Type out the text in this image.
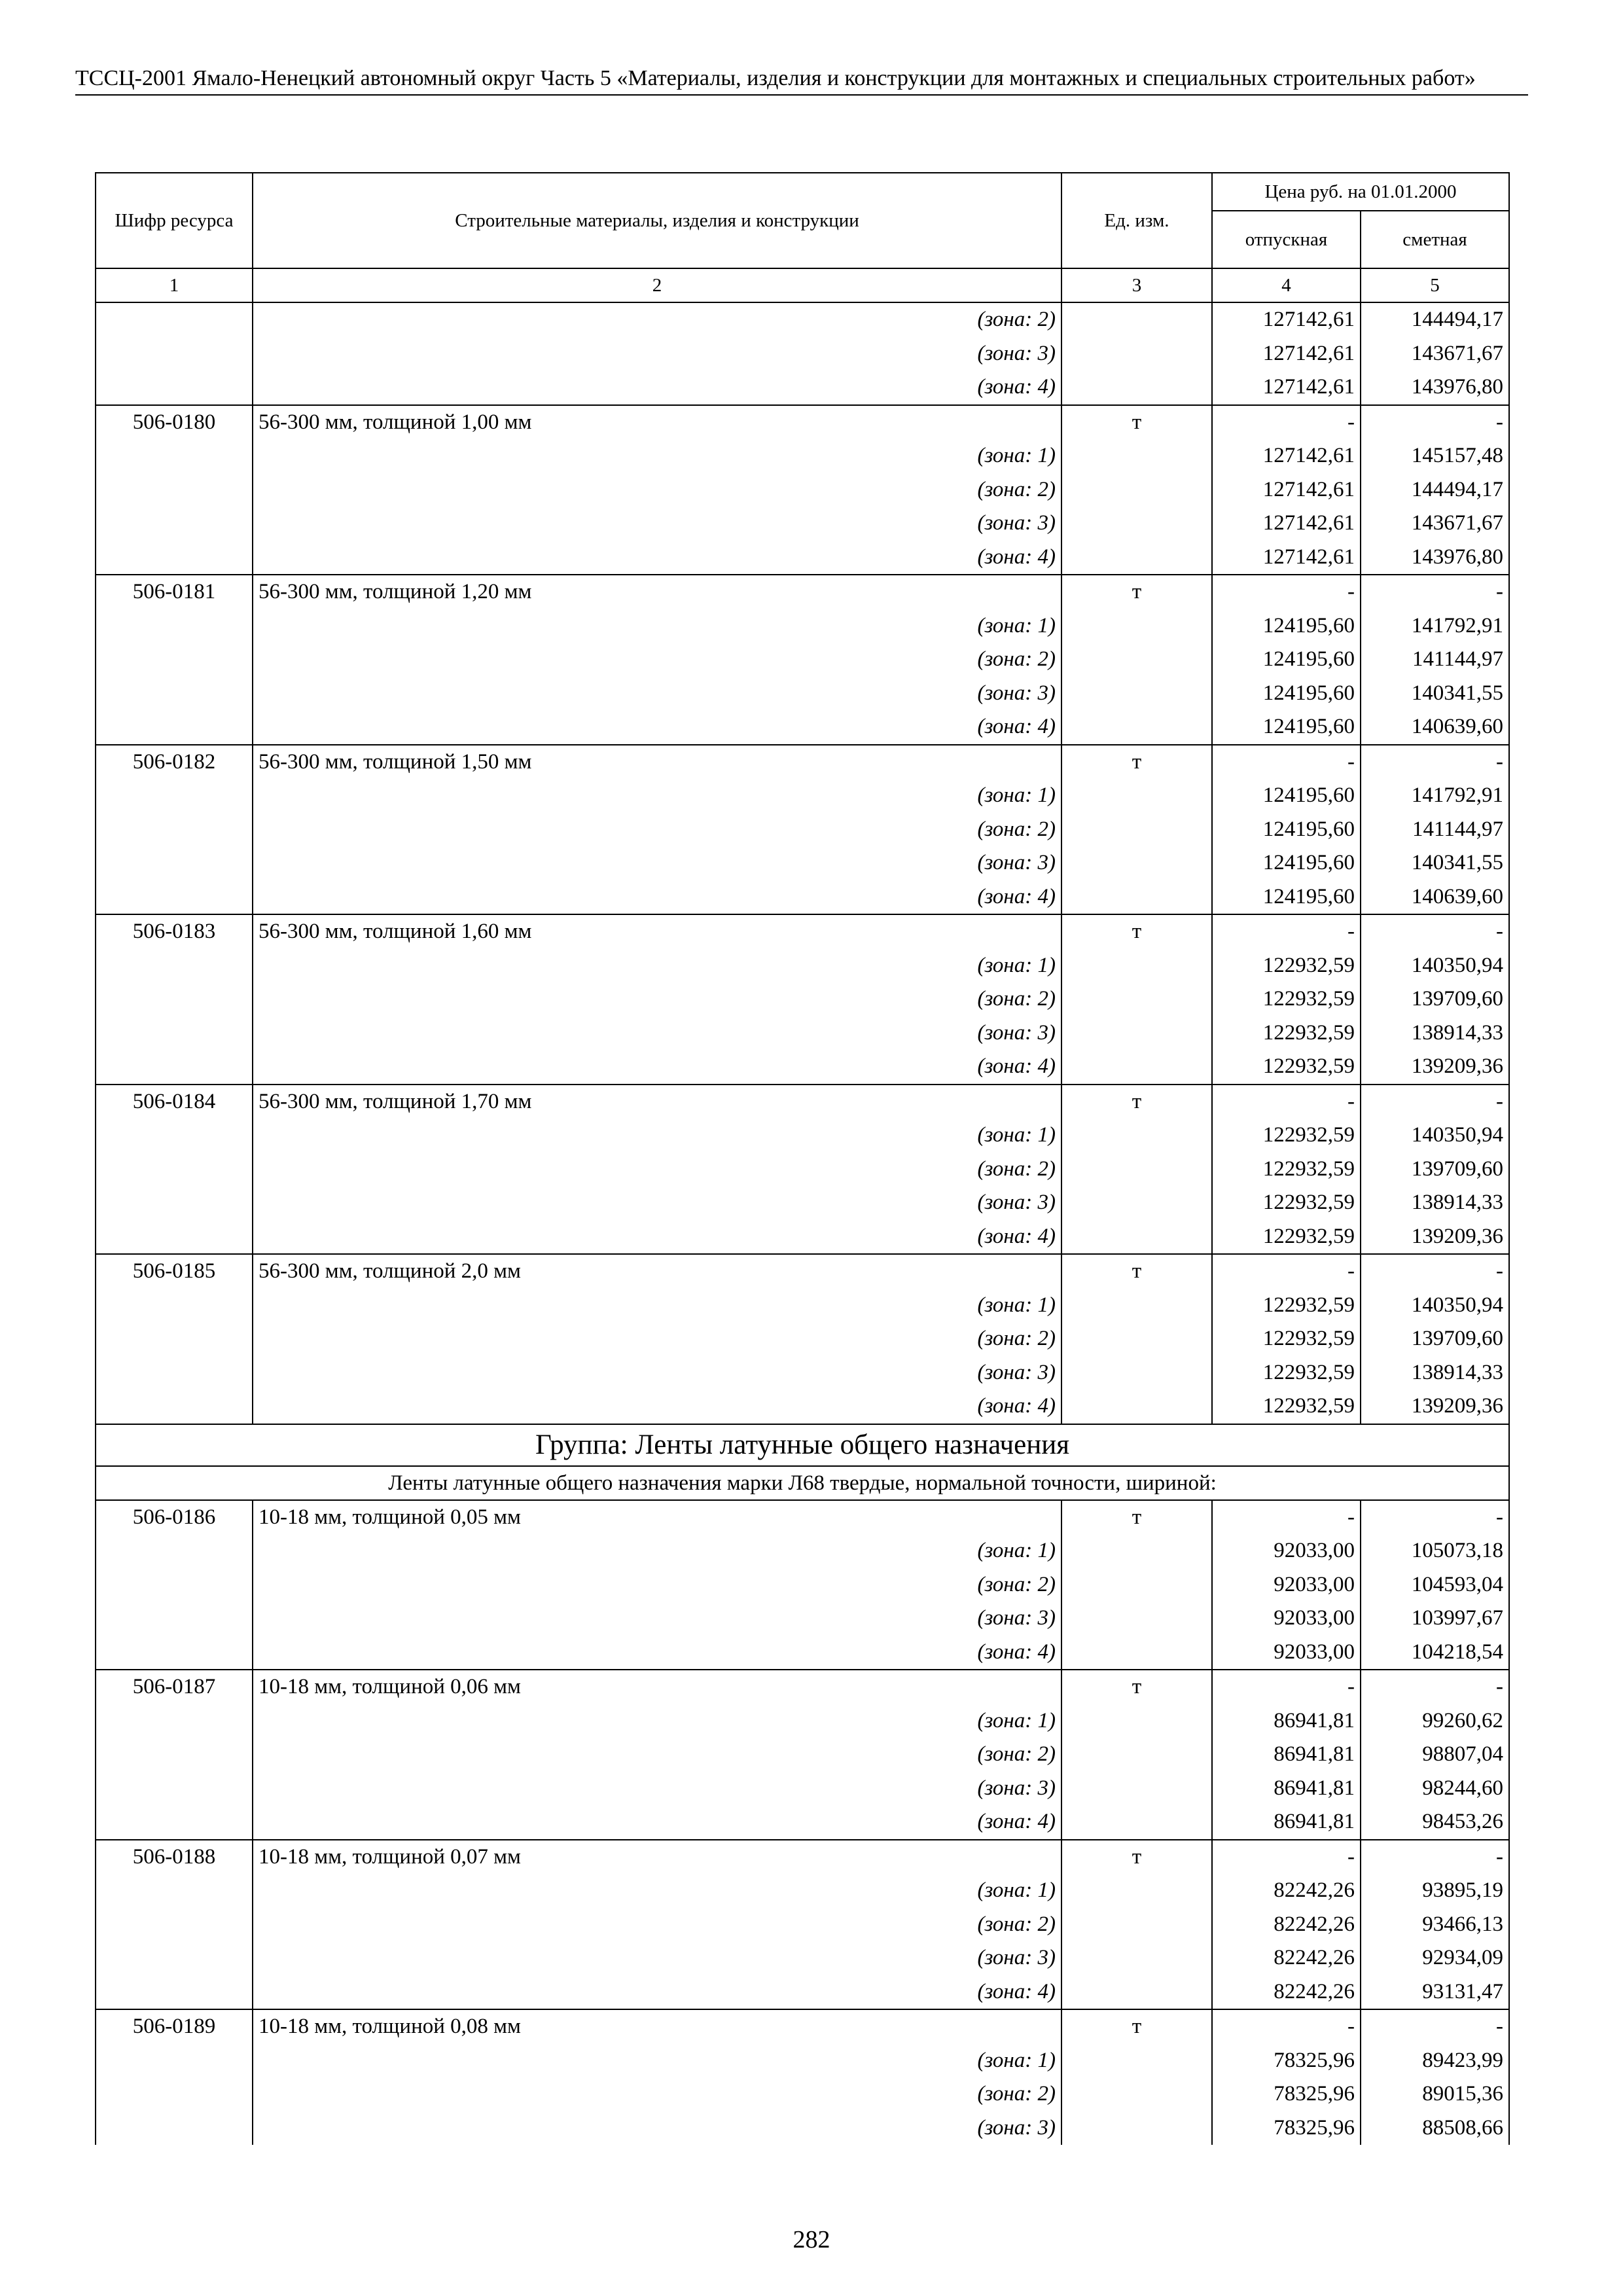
ТССЦ-2001 Ямало-Ненецкий автономный округ Часть 5 «Материалы, изделия и конструкции для монтажных и специальных строительных работ»
Шифр ресурса	Строительные материалы, изделия и конструкции	Ед. изм.	Цена руб. на 01.01.2000	
			отпускная	сметная
1	2	3	4	5
	(зона: 2)		127142,61	144494,17
	(зона: 3)		127142,61	143671,67
	(зона: 4)		127142,61	143976,80
506-0180	56-300 мм, толщиной 1,00 мм	т	-	-
	(зона: 1)		127142,61	145157,48
	(зона: 2)		127142,61	144494,17
	(зона: 3)		127142,61	143671,67
	(зона: 4)		127142,61	143976,80
506-0181	56-300 мм, толщиной 1,20 мм	т	-	-
	(зона: 1)		124195,60	141792,91
	(зона: 2)		124195,60	141144,97
	(зона: 3)		124195,60	140341,55
	(зона: 4)		124195,60	140639,60
506-0182	56-300 мм, толщиной 1,50 мм	т	-	-
	(зона: 1)		124195,60	141792,91
	(зона: 2)		124195,60	141144,97
	(зона: 3)		124195,60	140341,55
	(зона: 4)		124195,60	140639,60
506-0183	56-300 мм, толщиной 1,60 мм	т	-	-
	(зона: 1)		122932,59	140350,94
	(зона: 2)		122932,59	139709,60
	(зона: 3)		122932,59	138914,33
	(зона: 4)		122932,59	139209,36
506-0184	56-300 мм, толщиной 1,70 мм	т	-	-
	(зона: 1)		122932,59	140350,94
	(зона: 2)		122932,59	139709,60
	(зона: 3)		122932,59	138914,33
	(зона: 4)		122932,59	139209,36
506-0185	56-300 мм, толщиной 2,0 мм	т	-	-
	(зона: 1)		122932,59	140350,94
	(зона: 2)		122932,59	139709,60
	(зона: 3)		122932,59	138914,33
	(зона: 4)		122932,59	139209,36
Группа: Ленты латунные общего назначения				
Ленты латунные общего назначения марки Л68 твердые, нормальной точности, шириной:				
506-0186	10-18 мм, толщиной 0,05 мм	т	-	-
	(зона: 1)		92033,00	105073,18
	(зона: 2)		92033,00	104593,04
	(зона: 3)		92033,00	103997,67
	(зона: 4)		92033,00	104218,54
506-0187	10-18 мм, толщиной 0,06 мм	т	-	-
	(зона: 1)		86941,81	99260,62
	(зона: 2)		86941,81	98807,04
	(зона: 3)		86941,81	98244,60
	(зона: 4)		86941,81	98453,26
506-0188	10-18 мм, толщиной 0,07 мм	т	-	-
	(зона: 1)		82242,26	93895,19
	(зона: 2)		82242,26	93466,13
	(зона: 3)		82242,26	92934,09
	(зона: 4)		82242,26	93131,47
506-0189	10-18 мм, толщиной 0,08 мм	т	-	-
	(зона: 1)		78325,96	89423,99
	(зона: 2)		78325,96	89015,36
	(зона: 3)		78325,96	88508,66
282
